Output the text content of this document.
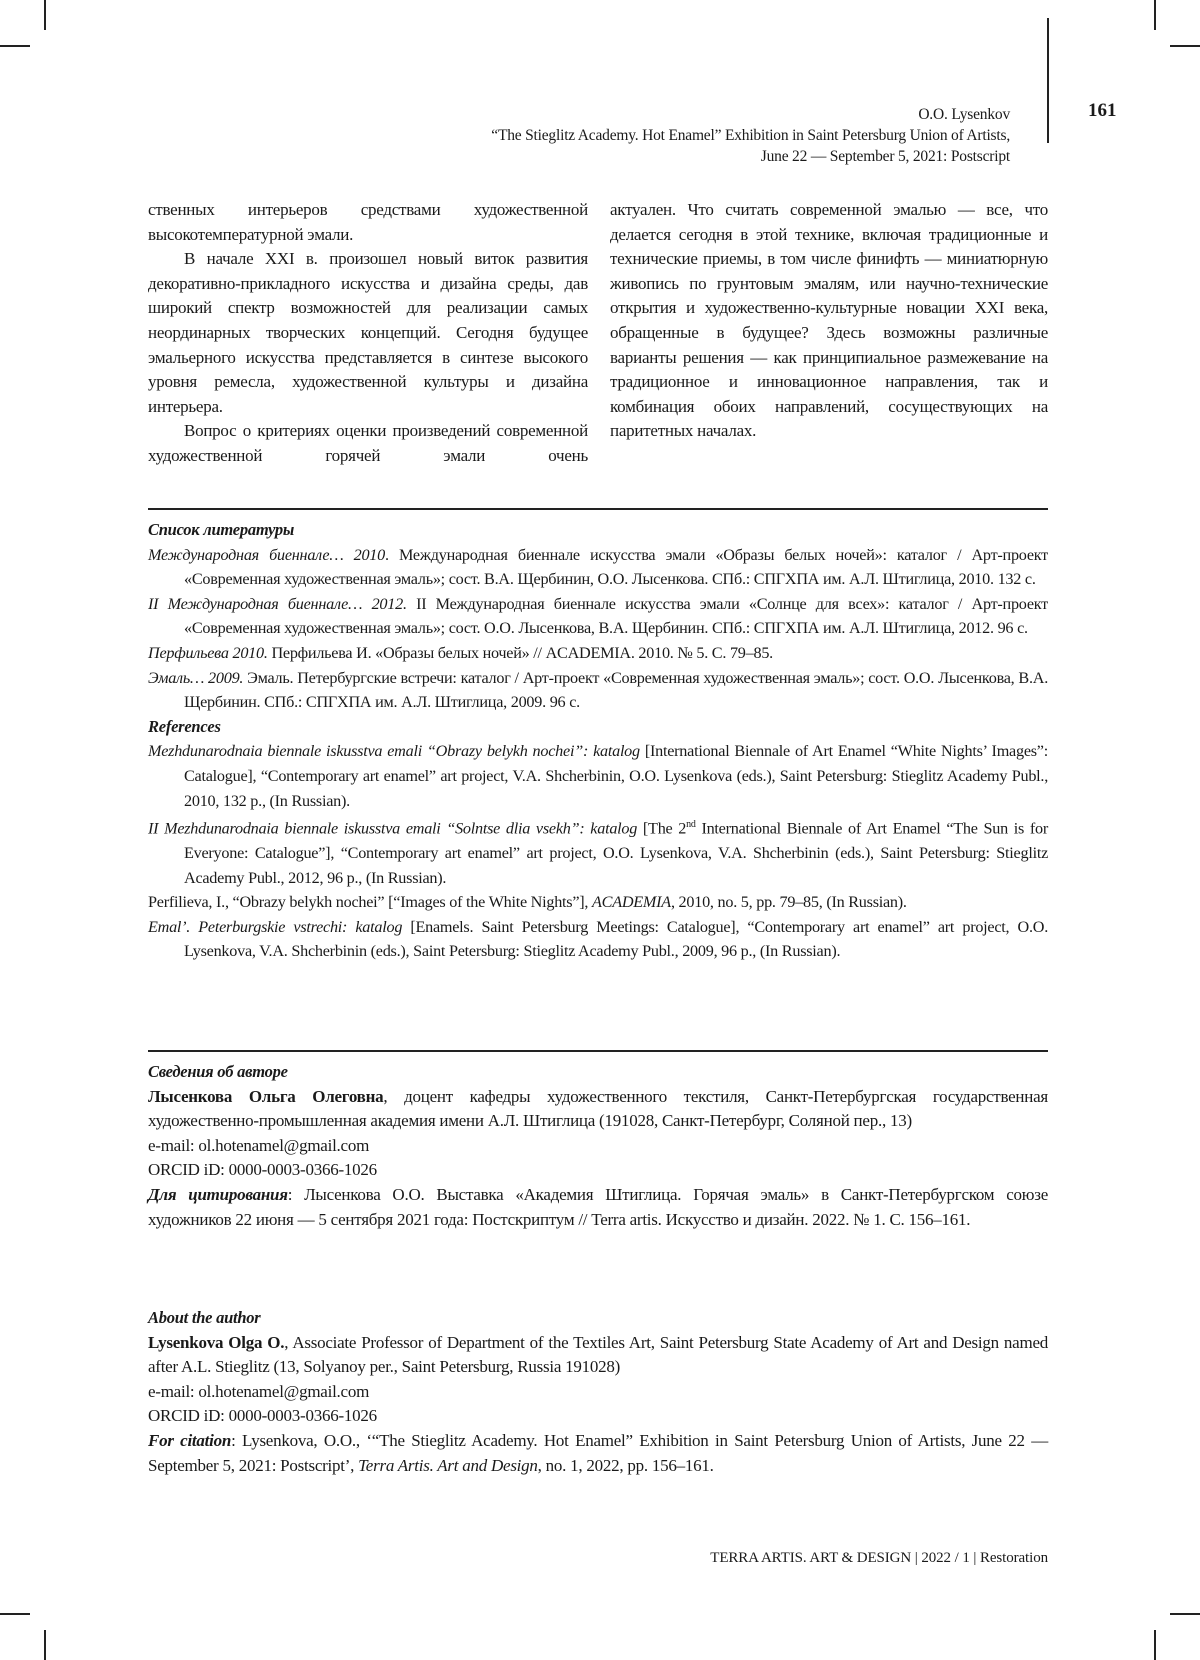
O.O. Lysenkov
“The Stieglitz Academy. Hot Enamel” Exhibition in Saint Petersburg Union of Artists,
June 22 — September 5, 2021: Postscript
161

ственных интерьеров средствами художественной высокотемпературной эмали.

В начале XXI в. произошел новый виток развития декоративно-прикладного искусства и дизайна среды, дав широкий спектр возможностей для реализации самых неординарных творческих концепций. Сегодня будущее эмальерного искусства представляется в синтезе высокого уровня ремесла, художественной культуры и дизайна интерьера.

Вопрос о критериях оценки произведений современной художественной горячей эмали очень

актуален. Что считать современной эмалью — все, что делается сегодня в этой технике, включая традиционные и технические приемы, в том числе финифть — миниатюрную живопись по грунтовым эмалям, или научно-технические открытия и художественно-культурные новации XXI века, обращенные в будущее? Здесь возможны различные варианты решения — как принципиальное размежевание на традиционное и инновационное направления, так и комбинация обоих направлений, сосуществующих на паритетных началах.

Список литературы

Международная биеннале… 2010. Международная биеннале искусства эмали «Образы белых ночей»: каталог / Арт-проект «Современная художественная эмаль»; сост. В.А. Щербинин, О.О. Лысенкова. СПб.: СПГХПА им. А.Л. Штиглица, 2010. 132 с.

II Международная биеннале… 2012. II Международная биеннале искусства эмали «Солнце для всех»: каталог / Арт-проект «Современная художественная эмаль»; сост. О.О. Лысенкова, В.А. Щербинин. СПб.: СПГХПА им. А.Л. Штиглица, 2012. 96 с.

Перфильева 2010. Перфильева И. «Образы белых ночей» // ACADEMIA. 2010. № 5. С. 79–85.

Эмаль… 2009. Эмаль. Петербургские встречи: каталог / Арт-проект «Современная художественная эмаль»; сост. О.О. Лысенкова, В.А. Щербинин. СПб.: СПГХПА им. А.Л. Штиглица, 2009. 96 с.

References

Mezhdunarodnaia biennale iskusstva emali “Obrazy belykh nochei”: katalog [International Biennale of Art Enamel “White Nights’ Images”: Catalogue], “Contemporary art enamel” art project, V.A. Shcherbinin, O.O. Lysenkova (eds.), Saint Petersburg: Stieglitz Academy Publ., 2010, 132 p., (In Russian).

II Mezhdunarodnaia biennale iskusstva emali “Solntse dlia vsekh”: katalog [The 2nd International Biennale of Art Enamel “The Sun is for Everyone: Catalogue”], “Contemporary art enamel” art project, O.O. Lysenkova, V.A. Shcherbinin (eds.), Saint Petersburg: Stieglitz Academy Publ., 2012, 96 p., (In Russian).

Perfilieva, I., “Obrazy belykh nochei” [“Images of the White Nights”], ACADEMIA, 2010, no. 5, pp. 79–85, (In Russian).

Emal’. Peterburgskie vstrechi: katalog [Enamels. Saint Petersburg Meetings: Catalogue], “Contemporary art enamel” art project, O.O. Lysenkova, V.A. Shcherbinin (eds.), Saint Petersburg: Stieglitz Academy Publ., 2009, 96 p., (In Russian).

Сведения об авторе

Лысенкова Ольга Олеговна, доцент кафедры художественного текстиля, Санкт-Петербургская государственная художественно-промышленная академия имени А.Л. Штиглица (191028, Санкт-Петербург, Соляной пер., 13)

e-mail: ol.hotenamel@gmail.com

ORCID iD: 0000-0003-0366-1026

Для цитирования: Лысенкова О.О. Выставка «Академия Штиглица. Горячая эмаль» в Санкт-Петербургском союзе художников 22 июня — 5 сентября 2021 года: Постскриптум // Terra artis. Искусство и дизайн. 2022. № 1. С. 156–161.

About the author

Lysenkova Olga O., Associate Professor of Department of the Textiles Art, Saint Petersburg State Academy of Art and Design named after A.L. Stieglitz (13, Solyanoy per., Saint Petersburg, Russia 191028)

e-mail: ol.hotenamel@gmail.com

ORCID iD: 0000-0003-0366-1026

For citation: Lysenkova, O.O., ‘“The Stieglitz Academy. Hot Enamel” Exhibition in Saint Petersburg Union of Artists, June 22 — September 5, 2021: Postscript’, Terra Artis. Art and Design, no. 1, 2022, pp. 156–161.

TERRA ARTIS. ART & DESIGN | 2022 / 1 | Restoration
